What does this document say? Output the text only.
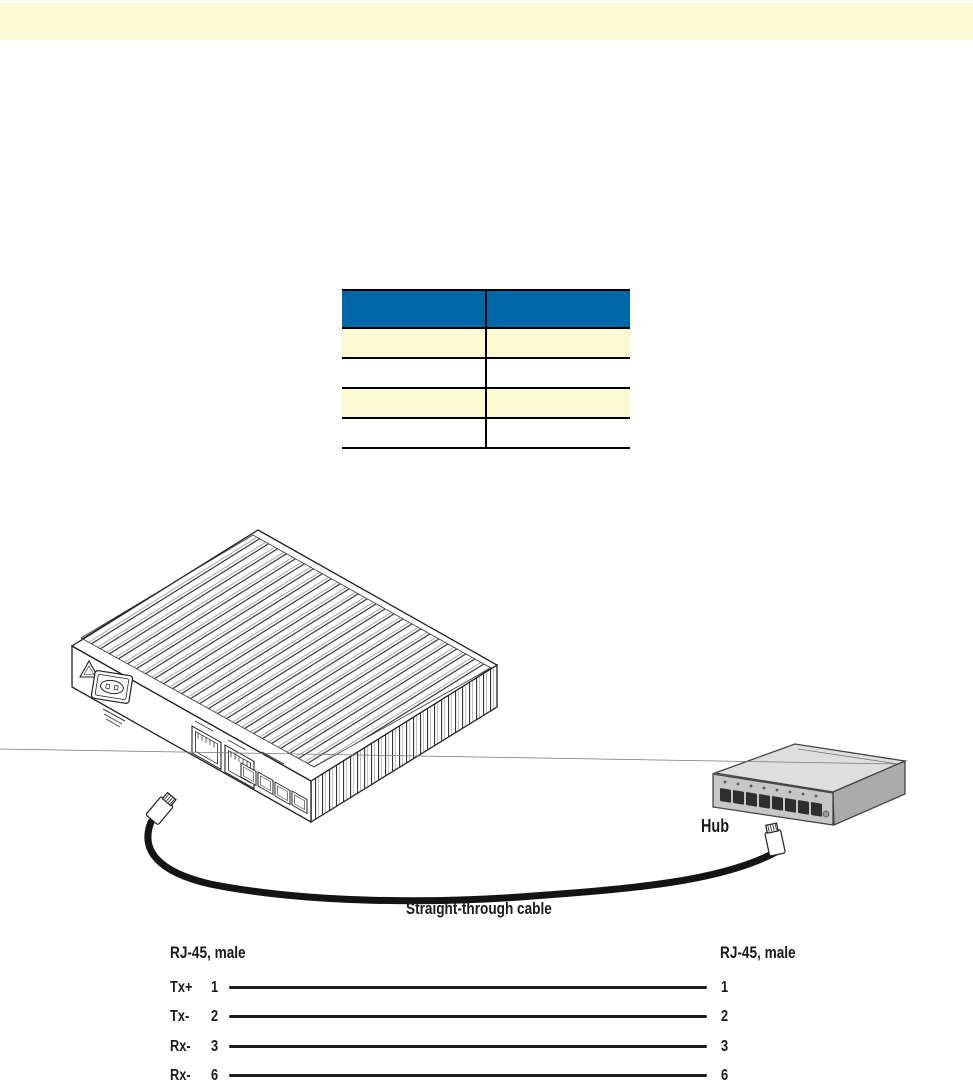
Hub
Straight-through cable
RJ-45, male	RJ-45, male
Tx+	1	1
Tx-	2	2
Rx-	3	3
Rx-	6	6
